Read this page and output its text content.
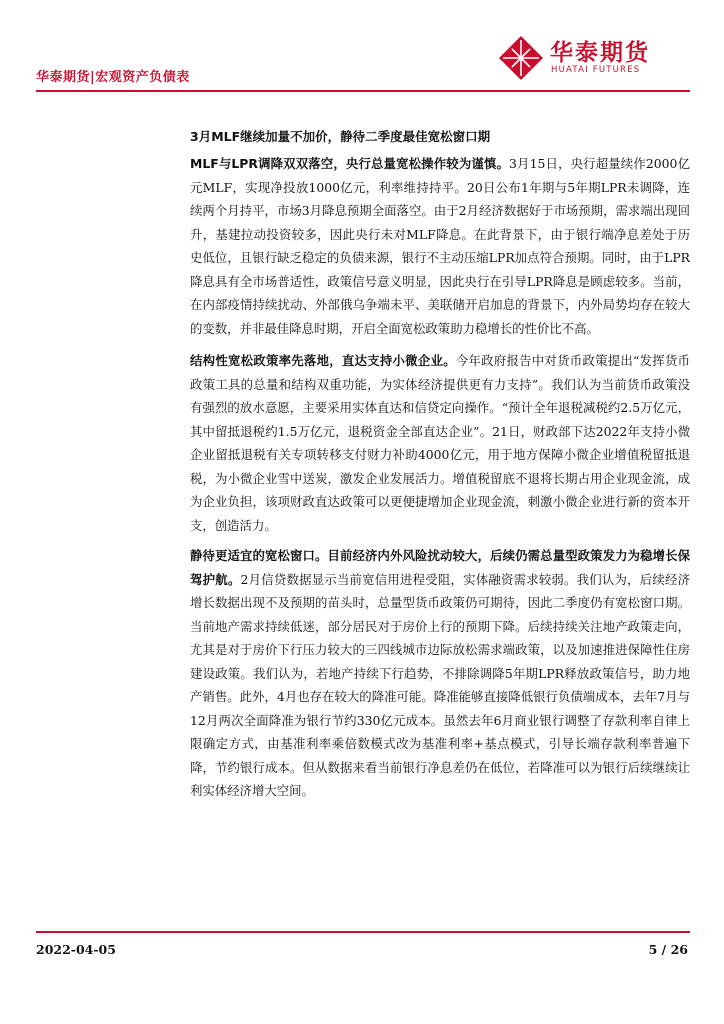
华泰期货|宏观资产负债表
华泰期货
HUATAI FUTURES
3月MLF继续加量不加价，静待二季度最佳宽松窗口期
MLF与LPR调降双双落空，央行总量宽松操作较为谨慎。3月15日，央行超量续作2000亿元MLF，实现净投放1000亿元，利率维持持平。20日公布1年期与5年期LPR未调降，连续两个月持平，市场3月降息预期全面落空。由于2月经济数据好于市场预期，需求端出现回升，基建拉动投资较多，因此央行未对MLF降息。在此背景下，由于银行端净息差处于历史低位，且银行缺乏稳定的负债来源，银行不主动压缩LPR加点符合预期。同时，由于LPR降息具有全市场普适性，政策信号意义明显，因此央行在引导LPR降息是顾虑较多。当前，在内部疫情持续扰动、外部俄乌争端未平、美联储开启加息的背景下，内外局势均存在较大的变数，并非最佳降息时期，开启全面宽松政策助力稳增长的性价比不高。
结构性宽松政策率先落地，直达支持小微企业。今年政府报告中对货币政策提出“发挥货币政策工具的总量和结构双重功能，为实体经济提供更有力支持”。我们认为当前货币政策没有强烈的放水意愿，主要采用实体直达和信贷定向操作。“预计全年退税减税约2.5万亿元，其中留抵退税约1.5万亿元，退税资金全部直达企业”。21日，财政部下达2022年支持小微企业留抵退税有关专项转移支付财力补助4000亿元，用于地方保障小微企业增值税留抵退税，为小微企业雪中送炭，激发企业发展活力。增值税留底不退将长期占用企业现金流，成为企业负担，该项财政直达政策可以更便捷增加企业现金流，刺激小微企业进行新的资本开支，创造活力。
静待更适宜的宽松窗口。目前经济内外风险扰动较大，后续仍需总量型政策发力为稳增长保驾护航。2月信贷数据显示当前宽信用进程受阻，实体融资需求较弱。我们认为，后续经济增长数据出现不及预期的苗头时，总量型货币政策仍可期待，因此二季度仍有宽松窗口期。当前地产需求持续低迷，部分居民对于房价上行的预期下降。后续持续关注地产政策走向，尤其是对于房价下行压力较大的三四线城市边际放松需求端政策，以及加速推进保障性住房建设政策。我们认为，若地产持续下行趋势，不排除调降5年期LPR释放政策信号，助力地产销售。此外，4月也存在较大的降准可能。降准能够直接降低银行负债端成本，去年7月与12月两次全面降准为银行节约330亿元成本。虽然去年6月商业银行调整了存款利率自律上限确定方式，由基准利率乘倍数模式改为基准利率+基点模式，引导长端存款利率普遍下降，节约银行成本。但从数据来看当前银行净息差仍在低位，若降准可以为银行后续继续让利实体经济增大空间。
2022-04-05	5 / 26
